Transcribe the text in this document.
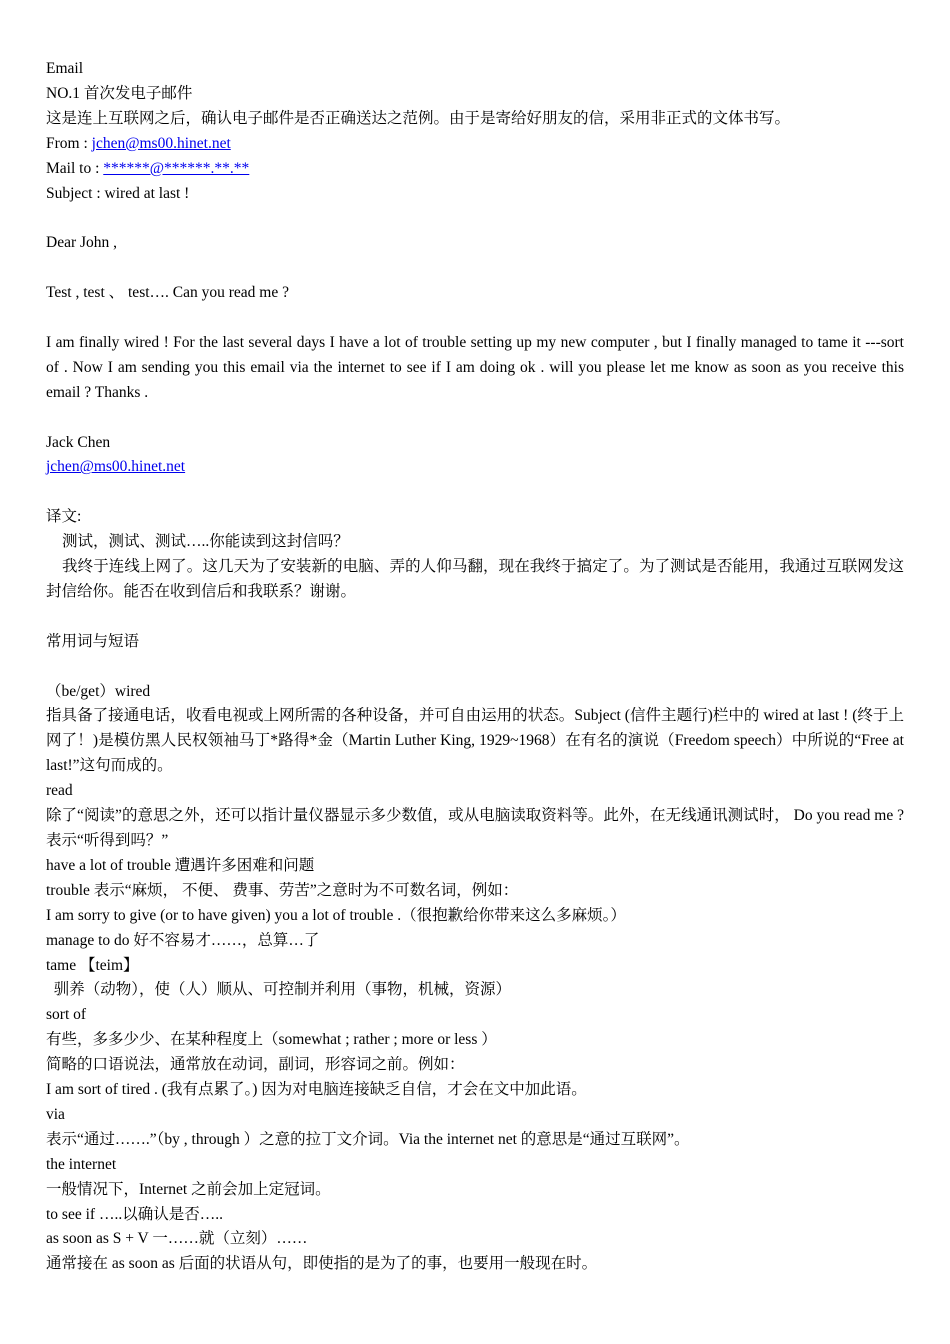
Email
NO.1 首次发电子邮件
这是连上互联网之后，确认电子邮件是否正确送达之范例。由于是寄给好朋友的信，采用非正式的文体书写。
From : jchen@ms00.hinet.net
Mail to : ******@******.**.**
Subject : wired at last !
Dear John ,
Test , test 、 test…. Can you read me ?
I am finally wired ! For the last several days I have a lot of trouble setting up my new computer , but I finally managed to tame it ---sort of . Now I am sending you this email via the internet to see if I am doing ok . will you please let me know as soon as you receive this email ? Thanks .
Jack Chen
jchen@ms00.hinet.net
译文:
测试，测试、测试…..你能读到这封信吗？
我终于连线上网了。这几天为了安装新的电脑、弄的人仰马翻，现在我终于搞定了。为了测试是否能用，我通过互联网发这封信给你。能否在收到信后和我联系？谢谢。
常用词与短语
（be/get）wired
指具备了接通电话，收看电视或上网所需的各种设备，并可自由运用的状态。Subject (信件主题行)栏中的 wired at last ! (终于上网了！)是模仿黑人民权领袖马丁*路得*金（Martin Luther King, 1929~1968）在有名的演说（Freedom speech）中所说的“Free at last!”这句而成的。
read
除了“阅读”的意思之外，还可以指计量仪器显示多少数值，或从电脑读取资料等。此外，在无线通讯测试时， Do you read me ? 表示“听得到吗？”
have a lot of trouble 遭遇许多困难和问题
trouble 表示“麻烦， 不便、 费事、劳苦”之意时为不可数名词，例如：
I am sorry to give (or to have given) you a lot of trouble .（很抱歉给你带来这么多麻烦。）
manage to do 好不容易才……，总算…了
tame 【teim】
驯养（动物），使（人）顺从、可控制并利用（事物，机械，资源）
sort of
有些，多多少少、在某种程度上（somewhat ; rather ; more or less ）
简略的口语说法，通常放在动词，副词，形容词之前。例如：
I am sort of tired . (我有点累了。) 因为对电脑连接缺乏自信，才会在文中加此语。
via
表示“通过…….”（by , through ）之意的拉丁文介词。Via the internet net 的意思是“通过互联网”。
the internet
一般情况下，Internet 之前会加上定冠词。
to see if …..以确认是否…..
as soon as S + V 一……就（立刻）……
通常接在 as soon as 后面的状语从句，即使指的是为了的事，也要用一般现在时。
